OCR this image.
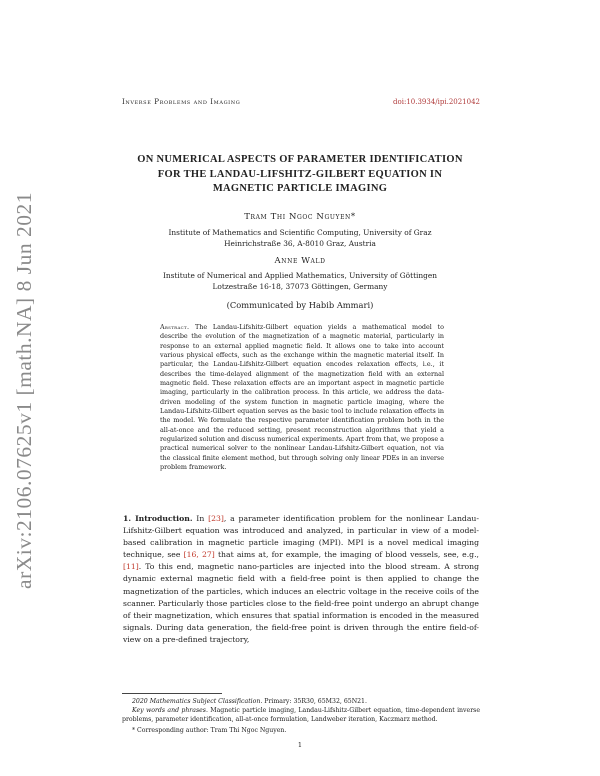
arXiv:2106.07625v1 [math.NA] 8 Jun 2021
Inverse Problems and Imaging	doi:10.3934/ipi.2021042
ON NUMERICAL ASPECTS OF PARAMETER IDENTIFICATION
FOR THE LANDAU-LIFSHITZ-GILBERT EQUATION IN
MAGNETIC PARTICLE IMAGING
Tram Thi Ngoc Nguyen*
Institute of Mathematics and Scientific Computing, University of Graz
Heinrichstraße 36, A-8010 Graz, Austria
Anne Wald
Institute of Numerical and Applied Mathematics, University of Göttingen
Lotzestraße 16-18, 37073 Göttingen, Germany
(Communicated by Habib Ammari)

Abstract. The Landau-Lifshitz-Gilbert equation yields a mathematical model to describe the evolution of the magnetization of a magnetic material, particularly in response to an external applied magnetic field. It allows one to take into account various physical effects, such as the exchange within the magnetic material itself. In particular, the Landau-Lifshitz-Gilbert equation encodes relaxation effects, i.e., it describes the time-delayed alignment of the magnetization field with an external magnetic field. These relaxation effects are an important aspect in magnetic particle imaging, particularly in the calibration process. In this article, we address the data-driven modeling of the system function in magnetic particle imaging, where the Landau-Lifshitz-Gilbert equation serves as the basic tool to include relaxation effects in the model. We formulate the respective parameter identification problem both in the all-at-once and the reduced setting, present reconstruction algorithms that yield a regularized solution and discuss numerical experiments. Apart from that, we propose a practical numerical solver to the nonlinear Landau-Lifshitz-Gilbert equation, not via the classical finite element method, but through solving only linear PDEs in an inverse problem framework.

1. Introduction. In [23], a parameter identification problem for the nonlinear Landau-Lifshitz-Gilbert equation was introduced and analyzed, in particular in view of a model-based calibration in magnetic particle imaging (MPI). MPI is a novel medical imaging technique, see [16, 27] that aims at, for example, the imaging of blood vessels, see, e.g., [11]. To this end, magnetic nano-particles are injected into the blood stream. A strong dynamic external magnetic field with a field-free point is then applied to change the magnetization of the particles, which induces an electric voltage in the receive coils of the scanner. Particularly those particles close to the field-free point undergo an abrupt change of their magnetization, which ensures that spatial information is encoded in the measured signals. During data generation, the field-free point is driven through the entire field-of-view on a pre-defined trajectory,

2020 Mathematics Subject Classification. Primary: 35R30, 65M32, 65N21.

Key words and phrases. Magnetic particle imaging, Landau-Lifshitz-Gilbert equation, time-dependent inverse problems, parameter identification, all-at-once formulation, Landweber iteration, Kaczmarz method.

* Corresponding author: Tram Thi Ngoc Nguyen.

1
